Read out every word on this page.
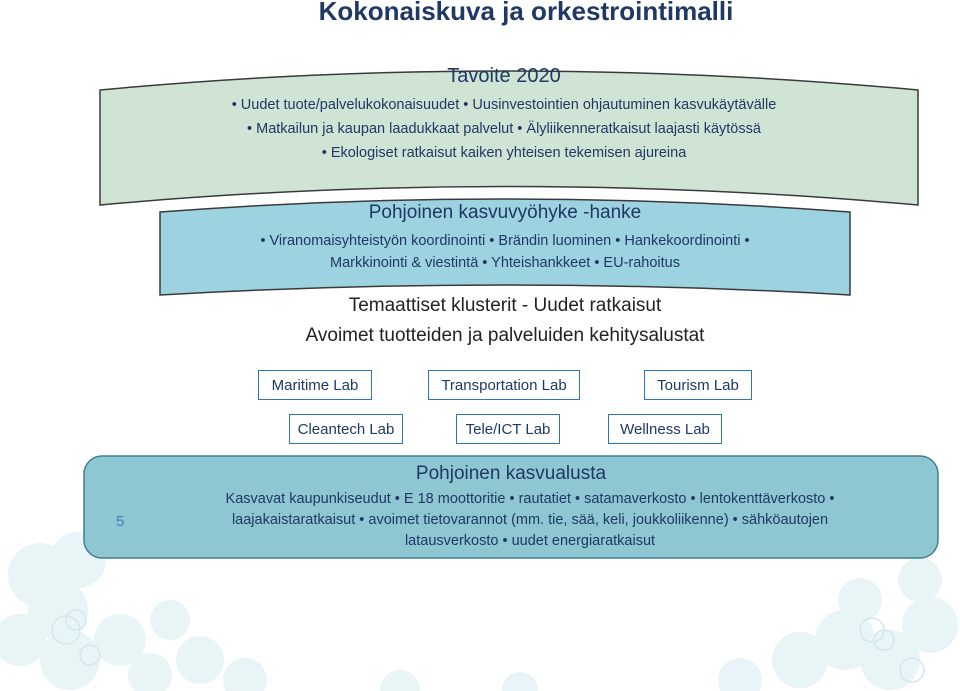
Kokonaiskuva ja orkestrointimalli
Tavoite 2020
• Uudet tuote/palvelukokonaisuudet • Uusinvestointien ohjautuminen kasvukäytävälle
• Matkailun ja kaupan laadukkaat palvelut • Älyliikenneratkaisut laajasti käytössä
• Ekologiset ratkaisut kaiken yhteisen tekemisen ajureina
Pohjoinen kasvuvyöhyke -hanke
• Viranomaisyhteistyön koordinointi • Brändin luominen • Hankekoordinointi •
Markkinointi & viestintä • Yhteishankkeet • EU-rahoitus
Temaattiset klusterit - Uudet ratkaisut
Avoimet tuotteiden ja palveluiden kehitysalustat
Maritime Lab	Transportation Lab	Tourism Lab
Cleantech Lab	Tele/ICT Lab	Wellness Lab
Pohjoinen kasvualusta
Kasvavat kaupunkiseudut • E 18 moottoritie • rautatiet • satamaverkosto • lentokenttäverkosto •
laajakaistaratkaisut • avoimet tietovarannot (mm. tie, sää, keli, joukkoliikenne) • sähköautojen
latausverkosto • uudet energiaratkaisut
5
